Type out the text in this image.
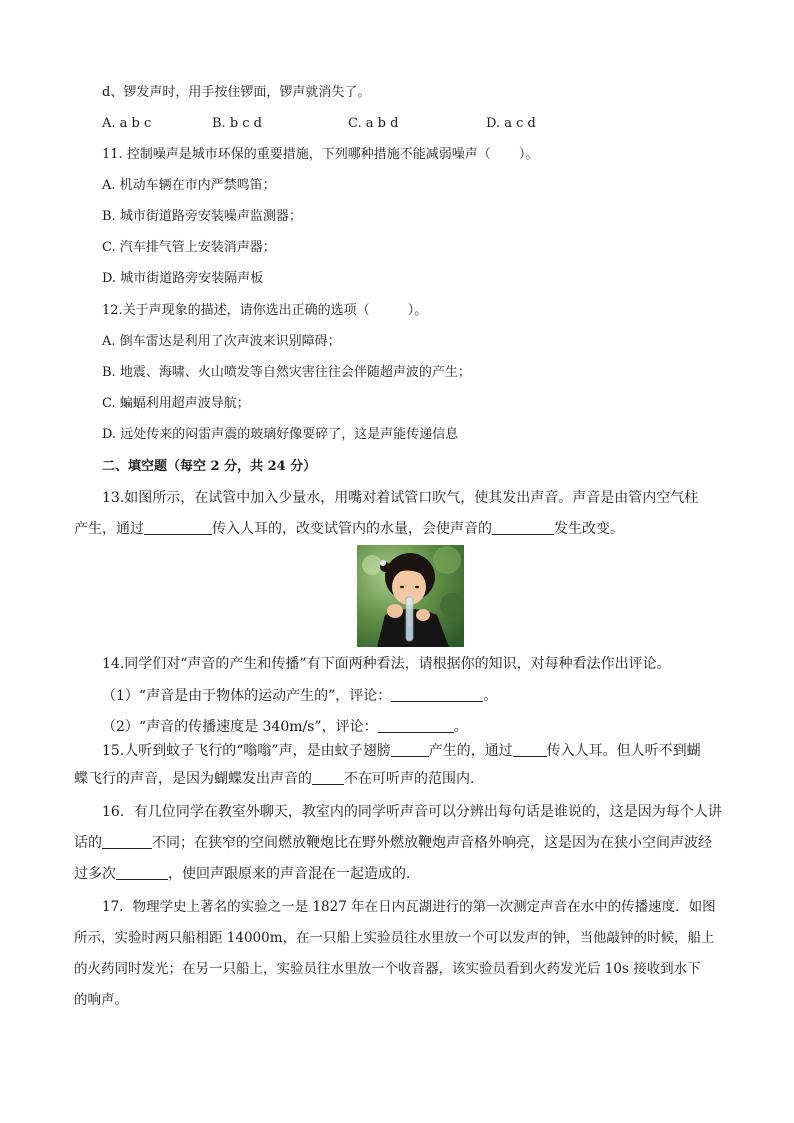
d、锣发声时，用手按住锣面，锣声就消失了。
A. a b c	B. b c d	C. a b d	D. a c d
11. 控制噪声是城市环保的重要措施，下列哪种措施不能减弱噪声（ ）。
A. 机动车辆在市内严禁鸣笛；
B. 城市街道路旁安装噪声监测器；
C. 汽车排气管上安装消声器；
D. 城市街道路旁安装隔声板
12.关于声现象的描述，请你选出正确的选项（	）。
A. 倒车雷达是利用了次声波来识别障碍；
B. 地震、海啸、火山喷发等自然灾害往往会伴随超声波的产生；
C. 蝙蝠利用超声波导航；
D. 远处传来的闷雷声震的玻璃好像要碎了，这是声能传递信息
二、填空题（每空 2 分，共 24 分）
13.如图所示，在试管中加入少量水，用嘴对着试管口吹气，使其发出声音。声音是由管内空气柱
产生，通过	传入人耳的，改变试管内的水量，会使声音的	发生改变。
14.同学们对“声音的产生和传播”有下面两种看法，请根据你的知识，对每种看法作出评论。
（1）“声音是由于物体的运动产生的”，评论：	。
（2）“声音的传播速度是 340m/s”，评论：	。
15.人听到蚊子飞行的“嗡嗡”声，是由蚊子翅膀	产生的，通过 传入人耳。但人听不到蝴
蝶飞行的声音，是因为蝴蝶发出声音的 不在可听声的范围内.
16．有几位同学在教室外聊天，教室内的同学听声音可以分辨出每句话是谁说的，这是因为每个人讲
话的	不同；在狭窄的空间燃放鞭炮比在野外燃放鞭炮声音格外响亮，这是因为在狭小空间声波经
过多次	，使回声跟原来的声音混在一起造成的.
17．物理学史上著名的实验之一是 1827 年在日内瓦湖进行的第一次测定声音在水中的传播速度．如图
所示，实验时两只船相距 14000m，在一只船上实验员往水里放一个可以发声的钟，当他敲钟的时候，船上
的火药同时发光；在另一只船上，实验员往水里放一个收音器，该实验员看到火药发光后 10s 接收到水下
的响声。
